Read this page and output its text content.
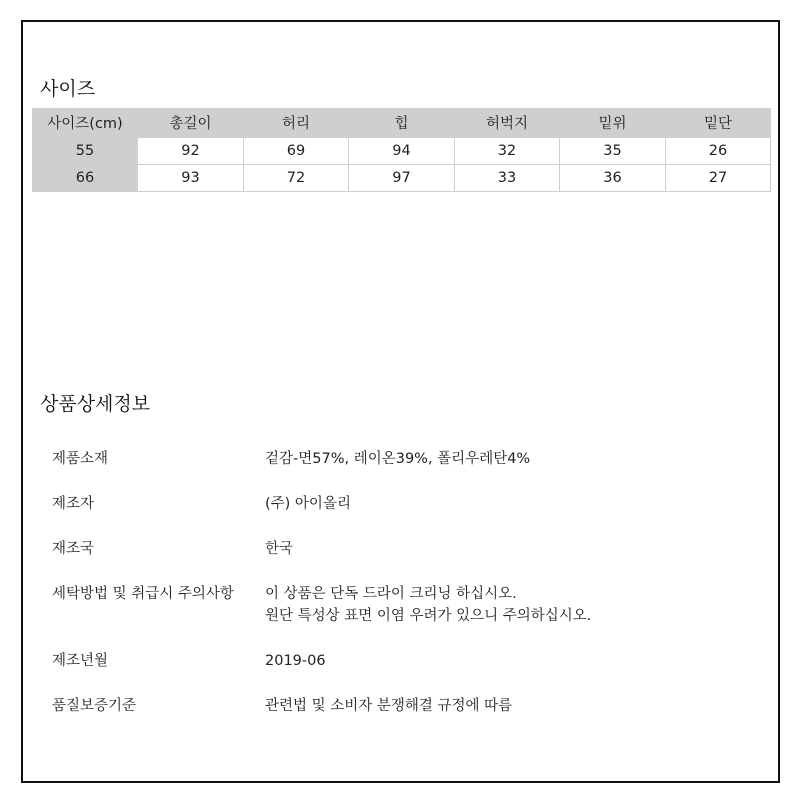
사이즈
사이즈(cm)	총길이	허리	힙	허벅지	밑위	밑단
55	92	69	94	32	35	26
66	93	72	97	33	36	27
상품상세정보
제품소재	겉감-면57%, 레이온39%, 폴리우레탄4%
제조자	(주) 아이올리
재조국	한국
세탁방법 및 취급시 주의사항	이 상품은 단독 드라이 크리닝 하십시오.
원단 특성상 표면 이염 우려가 있으니 주의하십시오.

제조년월	2019-06
품질보증기준	관련법 및 소비자 분쟁해결 규정에 따름
